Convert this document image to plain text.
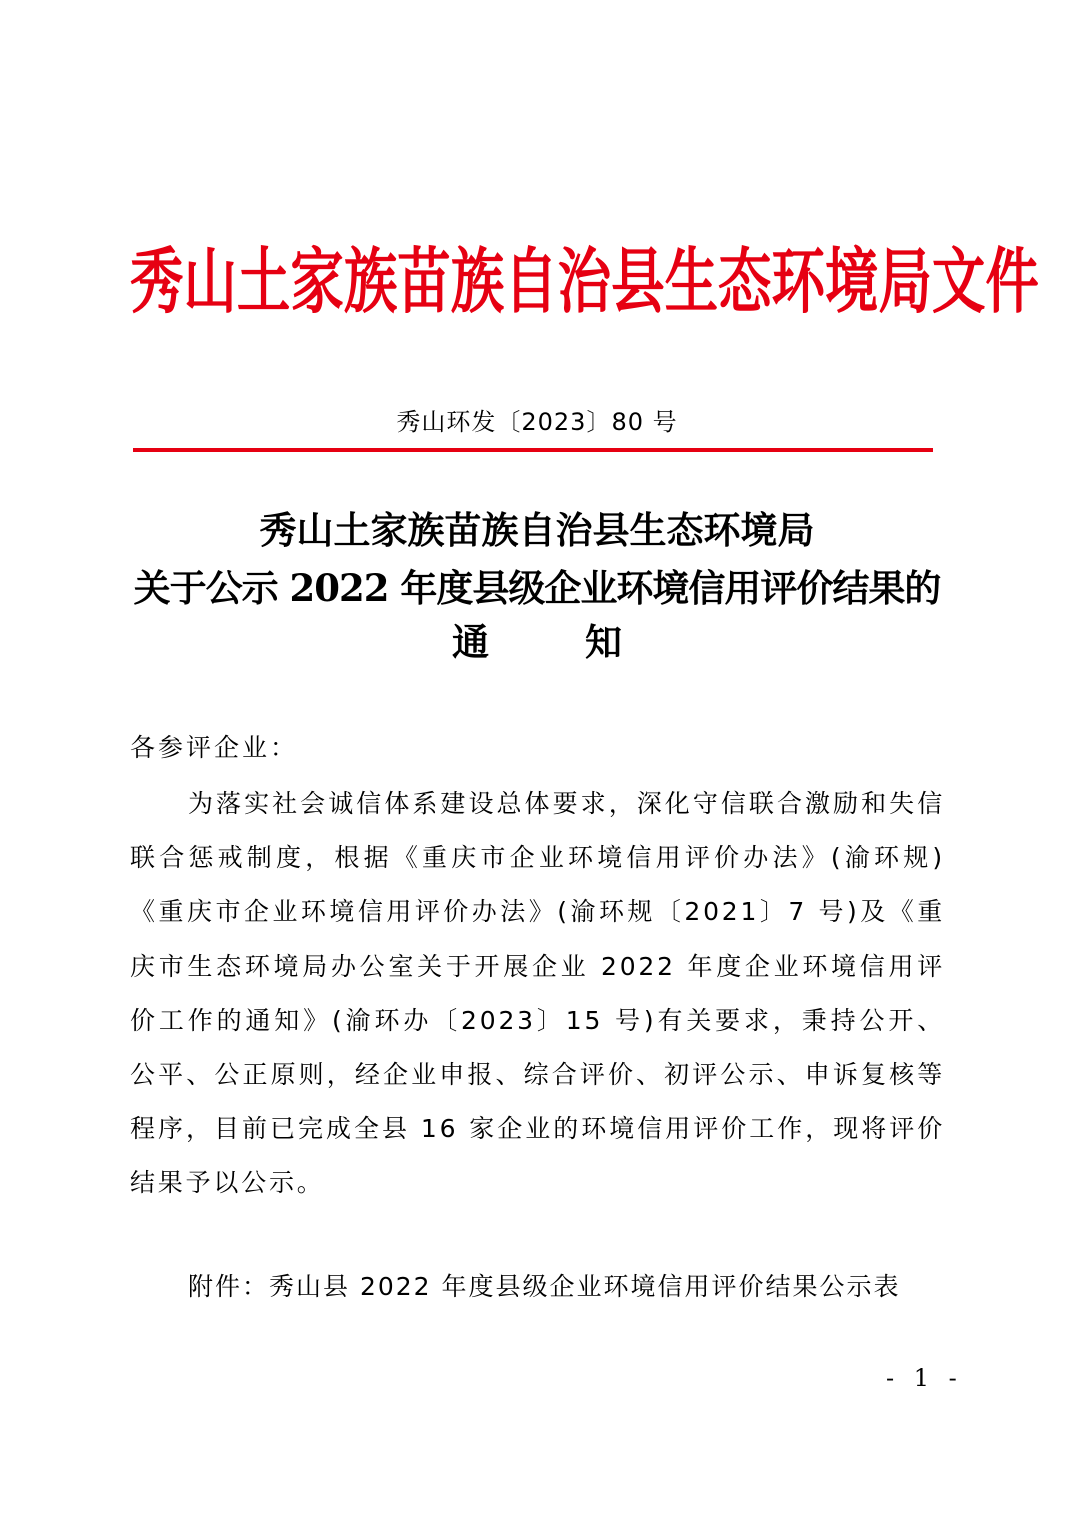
秀山土家族苗族自治县生态环境局文件
秀山环发〔2023〕80 号
秀山土家族苗族自治县生态环境局
关于公示 2022 年度县级企业环境信用评价结果的
通	知
各参评企业：
为落实社会诚信体系建设总体要求，深化守信联合激励和失信联合惩戒制度，根据《重庆市企业环境信用评价办法》(渝环规)《重庆市企业环境信用评价办法》(渝环规〔2021〕7 号)及《重庆市生态环境局办公室关于开展企业 2022 年度企业环境信用评价工作的通知》(渝环办〔2023〕15 号)有关要求，秉持公开、公平、公正原则，经企业申报、综合评价、初评公示、申诉复核等程序，目前已完成全县 16 家企业的环境信用评价工作，现将评价结果予以公示。
附件：秀山县 2022 年度县级企业环境信用评价结果公示表
- 1 -
